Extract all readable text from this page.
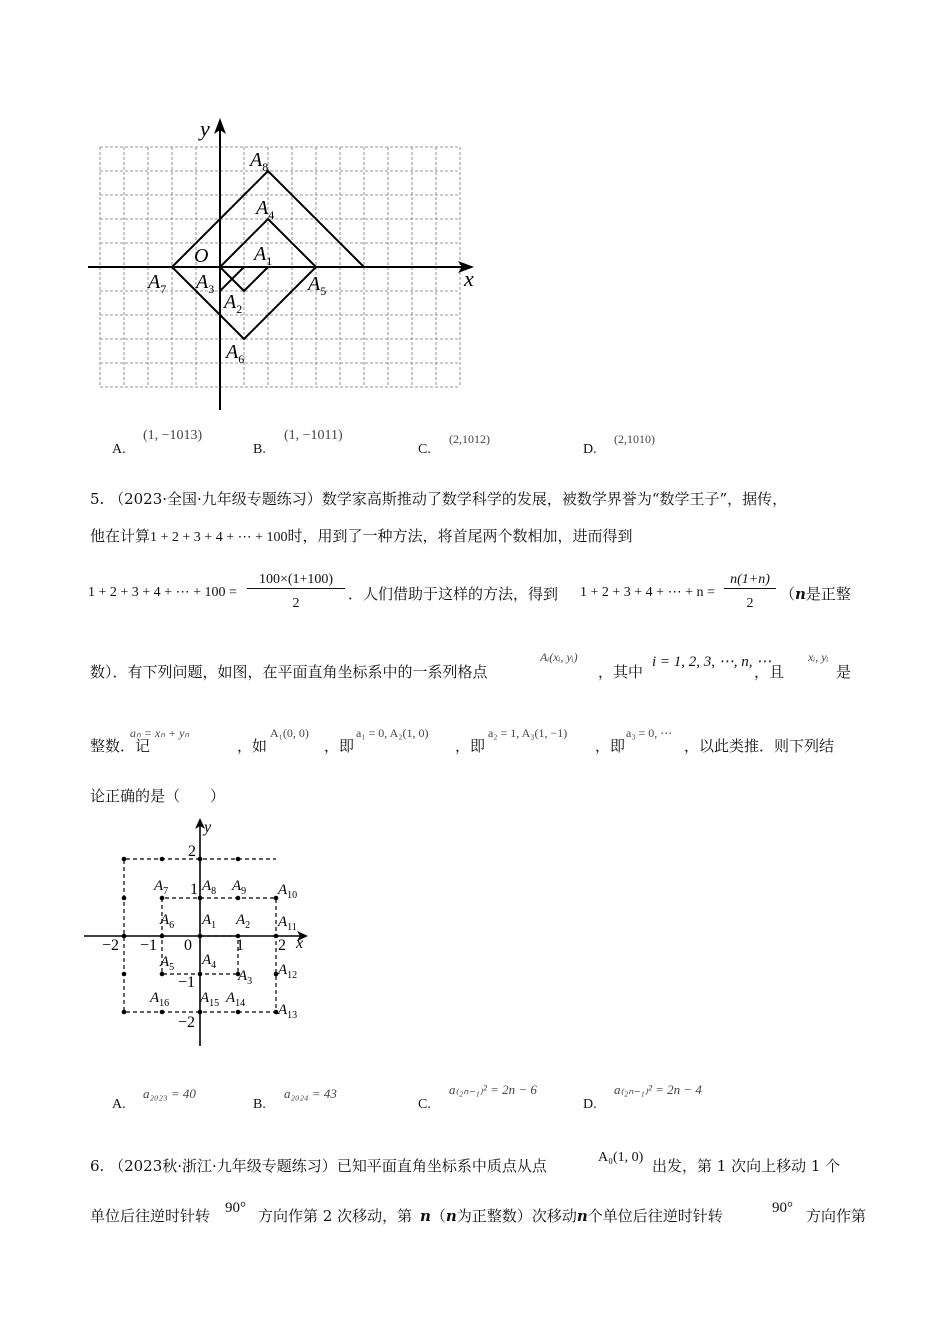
y
x
O
$A_8$
$A_4$
$A_1$
$A_7$ $A_3$
$A_2$
$A_5$
$A_6$
A.
(1, −1013)
B.
(1, −1011)
C.
(2,1012)
D.
(2,1010)
5. （2023·全国·九年级专题练习）数学家高斯推动了数学科学的发展，被数学界誉为“数学王子”，据传，
他在计算1 + 2 + 3 + 4 + ⋯ + 100时，用到了一种方法，将首尾两个数相加，进而得到
1 + 2 + 3 + 4 + ⋯ + 100 =
100×(1+100)
2
．人们借助于这样的方法，得到 1 + 2 + 3 + 4 + ⋯ + n =
n(1+n)
2
（n是正整
数）．有下列问题，如图，在平面直角坐标系中的一系列格点
Aᵢ(xᵢ, yᵢ)
，其中
i = 1, 2, 3, ⋯, n, ⋯
，且
xᵢ, yᵢ
是
整数．记
aₙ = xₙ + yₙ
，如
A₁(0, 0)
，即
a₁ = 0, A₂(1, 0)
，即
a₂ = 1, A₃(1, −1)
，即
a₃ = 0, ⋯
，以此类推．则下列结
论正确的是（　　）
y
x
−2 −1 0	1 2
2
1
−1
−2
$A_7$ $A_8$ $A_9$ $A_{10}$
$A_6$ $A_1$ $A_2$ $A_{11}$
$A_5$ $A_4$
$A_3$
$A_{12}$
$A_{16}$ $A_{15}$ $A_{14}$ $A_{13}$
A.
a₂₀₂₃ = 40
B.
a₂₀₂₄ = 43
C.
a₍₂ₙ₋₁₎² = 2n − 6
D.
a₍₂ₙ₋₁₎² = 2n − 4
6. （2023秋·浙江·九年级专题练习）已知平面直角坐标系中质点从点	A₀(1, 0) 出发，第 1 次向上移动 1 个
单位后往逆时针转 90° 方向作第 2 次移动，第 n（n为正整数）次移动n个单位后往逆时针转	90° 方向作第
